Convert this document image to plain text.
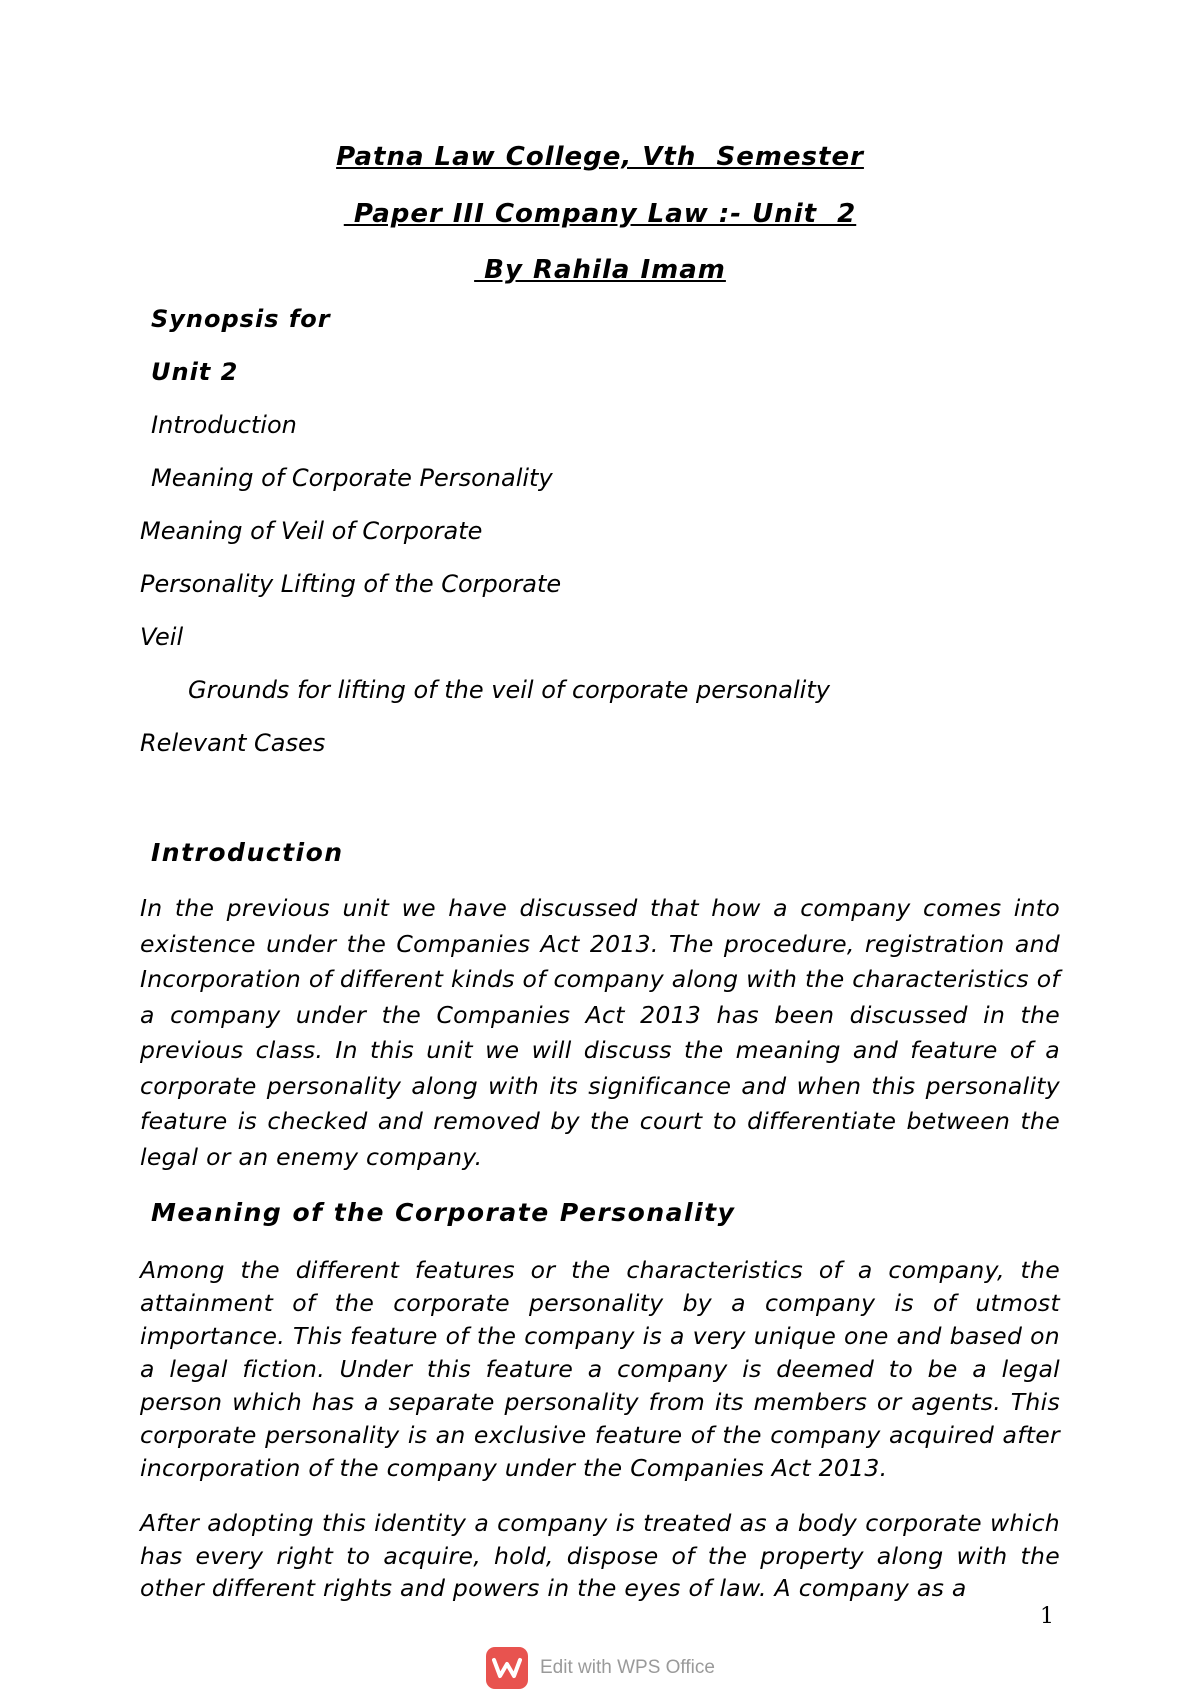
Patna Law College, Vth  Semester

Paper III Company Law :- Unit  2

By Rahila Imam

Synopsis for

Unit 2

Introduction

Meaning of Corporate Personality

Meaning of Veil of Corporate

Personality Lifting of the Corporate

Veil

Grounds for lifting of the veil of corporate personality

Relevant Cases

Introduction

In the previous unit we have discussed that how a company comes into existence under the Companies Act 2013. The procedure, registration and Incorporation of different kinds of company along with the characteristics of a company under the Companies Act 2013 has been discussed in the previous class. In this unit we will discuss the meaning and feature of a corporate personality along with its significance and when this personality feature is checked and removed by the court to differentiate between the legal or an enemy company.

Meaning of the Corporate Personality

Among the different features or the characteristics of a company, the attainment of the corporate personality by a company is of utmost importance. This feature of the company is a very unique one and based on a legal fiction. Under this feature a company is deemed to be a legal person which has a separate personality from its members or agents. This corporate personality is an exclusive feature of the company acquired after incorporation of the company under the Companies Act 2013.

After adopting this identity a company is treated as a body corporate which has every right to acquire, hold, dispose of the property along with the other different rights and powers in the eyes of law. A company as a

1
Edit with WPS Office
